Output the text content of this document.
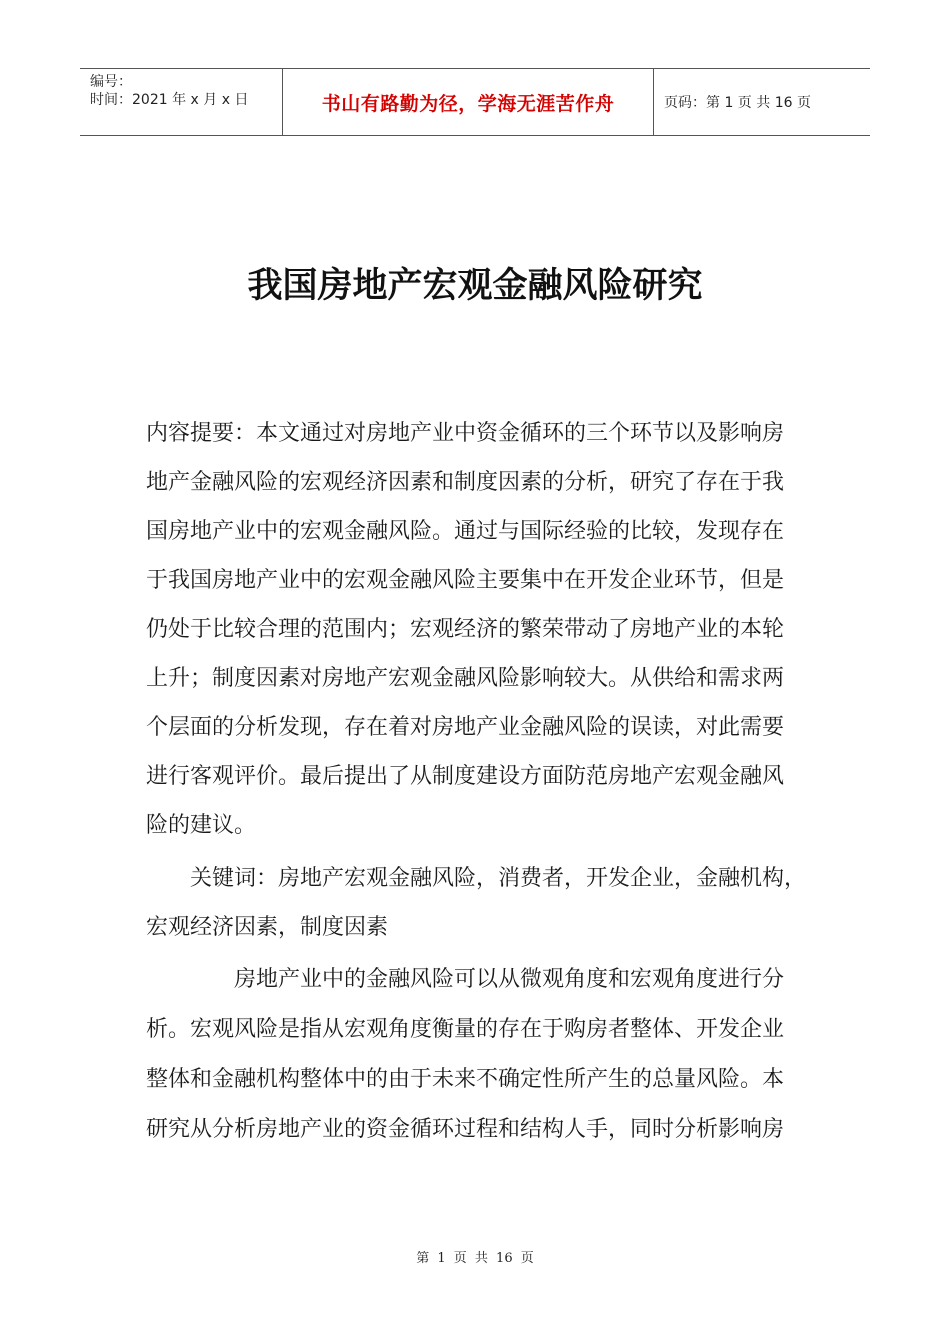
编号：
时间：2021 年 x 月 x 日	书山有路勤为径，学海无涯苦作舟	页码：第 1 页 共 16 页
我国房地产宏观金融风险研究
内容提要：本文通过对房地产业中资金循环的三个环节以及影响房
地产金融风险的宏观经济因素和制度因素的分析，研究了存在于我
国房地产业中的宏观金融风险。通过与国际经验的比较，发现存在
于我国房地产业中的宏观金融风险主要集中在开发企业环节，但是
仍处于比较合理的范围内；宏观经济的繁荣带动了房地产业的本轮
上升；制度因素对房地产宏观金融风险影响较大。从供给和需求两
个层面的分析发现，存在着对房地产业金融风险的误读，对此需要
进行客观评价。最后提出了从制度建设方面防范房地产宏观金融风
险的建议。
关键词：房地产宏观金融风险，消费者，开发企业，金融机构，
宏观经济因素，制度因素
房地产业中的金融风险可以从微观角度和宏观角度进行分
析。宏观风险是指从宏观角度衡量的存在于购房者整体、开发企业
整体和金融机构整体中的由于未来不确定性所产生的总量风险。本
研究从分析房地产业的资金循环过程和结构人手，同时分析影响房
第 1 页 共 16 页
